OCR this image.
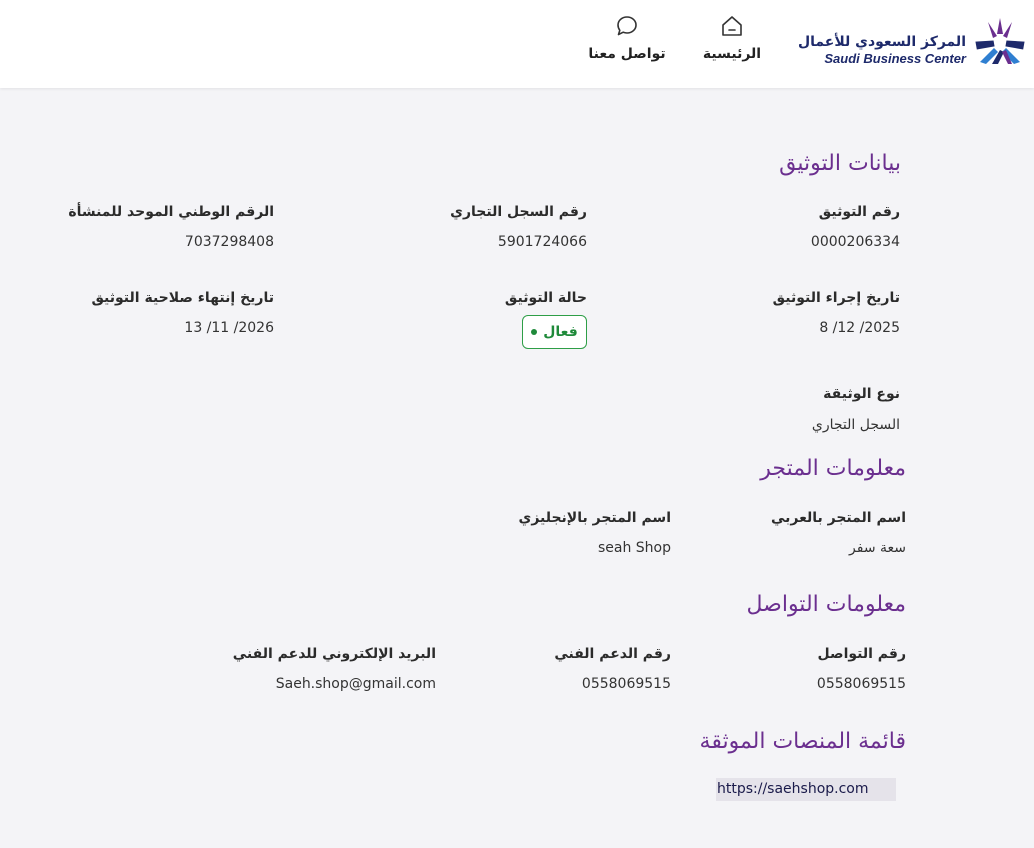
المركز السعودي للأعمال
Saudi Business Center
الرئيسية
تواصل معنا
بيانات التوثيق
رقم التوثيق
0000206334
رقم السجل التجاري
5901724066
الرقم الوطني الموحد للمنشأة
7037298408
تاريخ إجراء التوثيق
8 /12 /2025
حالة التوثيق
فعال
تاريخ إنتهاء صلاحية التوثيق
13 /11 /2026
نوع الوثيقة
السجل التجاري
معلومات المتجر
اسم المتجر بالعربي
سعة سفر
اسم المتجر بالإنجليزي
seah Shop
معلومات التواصل
رقم التواصل
0558069515
رقم الدعم الفني
0558069515
البريد الإلكتروني للدعم الفني
Saeh.shop@gmail.com
قائمة المنصات الموثقة
https://saehshop.com
